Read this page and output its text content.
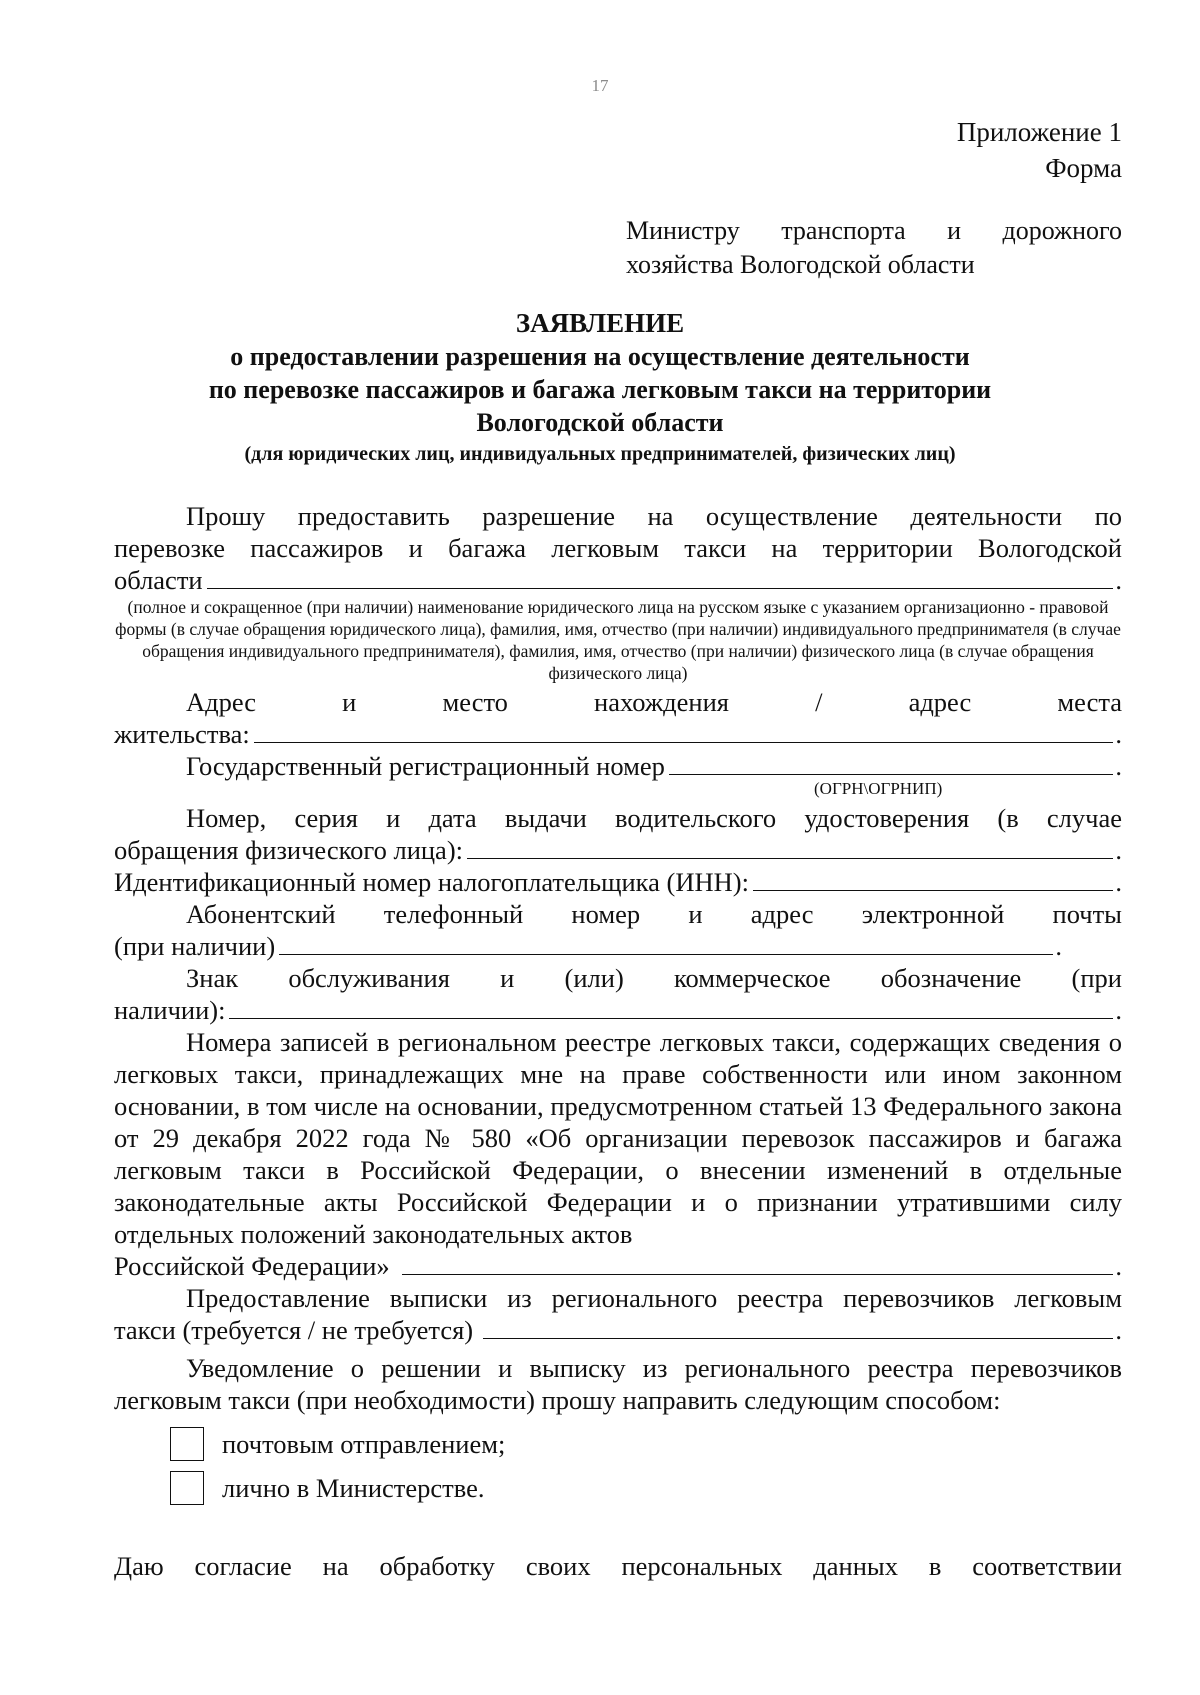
17
Приложение 1
Форма
Министру транспорта и дорожного
хозяйства Вологодской области
ЗАЯВЛЕНИЕ
о предоставлении разрешения на осуществление деятельности
по перевозке пассажиров и багажа легковым такси на территории
Вологодской области
(для юридических лиц, индивидуальных предпринимателей, физических лиц)
Прошу предоставить разрешение на осуществление деятельности по
перевозке пассажиров и багажа легковым такси на территории Вологодской
области	.
(полное и сокращенное (при наличии) наименование юридического лица на русском языке с указанием организационно - правовой формы (в случае обращения юридического лица), фамилия, имя, отчество (при наличии) индивидуального предпринимателя (в случае обращения индивидуального предпринимателя), фамилия, имя, отчество (при наличии) физического лица (в случае обращения физического лица)
Адрес и место нахождения / адрес места
жительства:	.
Государственный регистрационный номер	.
(ОГРН\ОГРНИП)
Номер, серия и дата выдачи водительского удостоверения (в случае
обращения физического лица):	.
Идентификационный номер налогоплательщика (ИНН):	.
Абонентский телефонный номер и адрес электронной почты
(при наличии)	.
Знак обслуживания и (или) коммерческое обозначение (при
наличии):	.

Номера записей в региональном реестре легковых такси, содержащих сведения о легковых такси, принадлежащих мне на праве собственности или ином законном основании, в том числе на основании, предусмотренном статьей 13 Федерального закона от 29 декабря 2022 года № 580 «Об организации перевозок пассажиров и багажа легковым такси в Российской Федерации, о внесении изменений в отдельные законодательные акты Российской Федерации и о признании утратившими силу отдельных положений законодательных актов

Российской Федерации»	.
Предоставление выписки из регионального реестра перевозчиков легковым
такси (требуется / не требуется)	.

Уведомление о решении и выписку из регионального реестра перевозчиков легковым такси (при необходимости) прошу направить следующим способом:

почтовым отправлением;
лично в Министерстве.
Даю согласие на обработку своих персональных данных в соответствии
